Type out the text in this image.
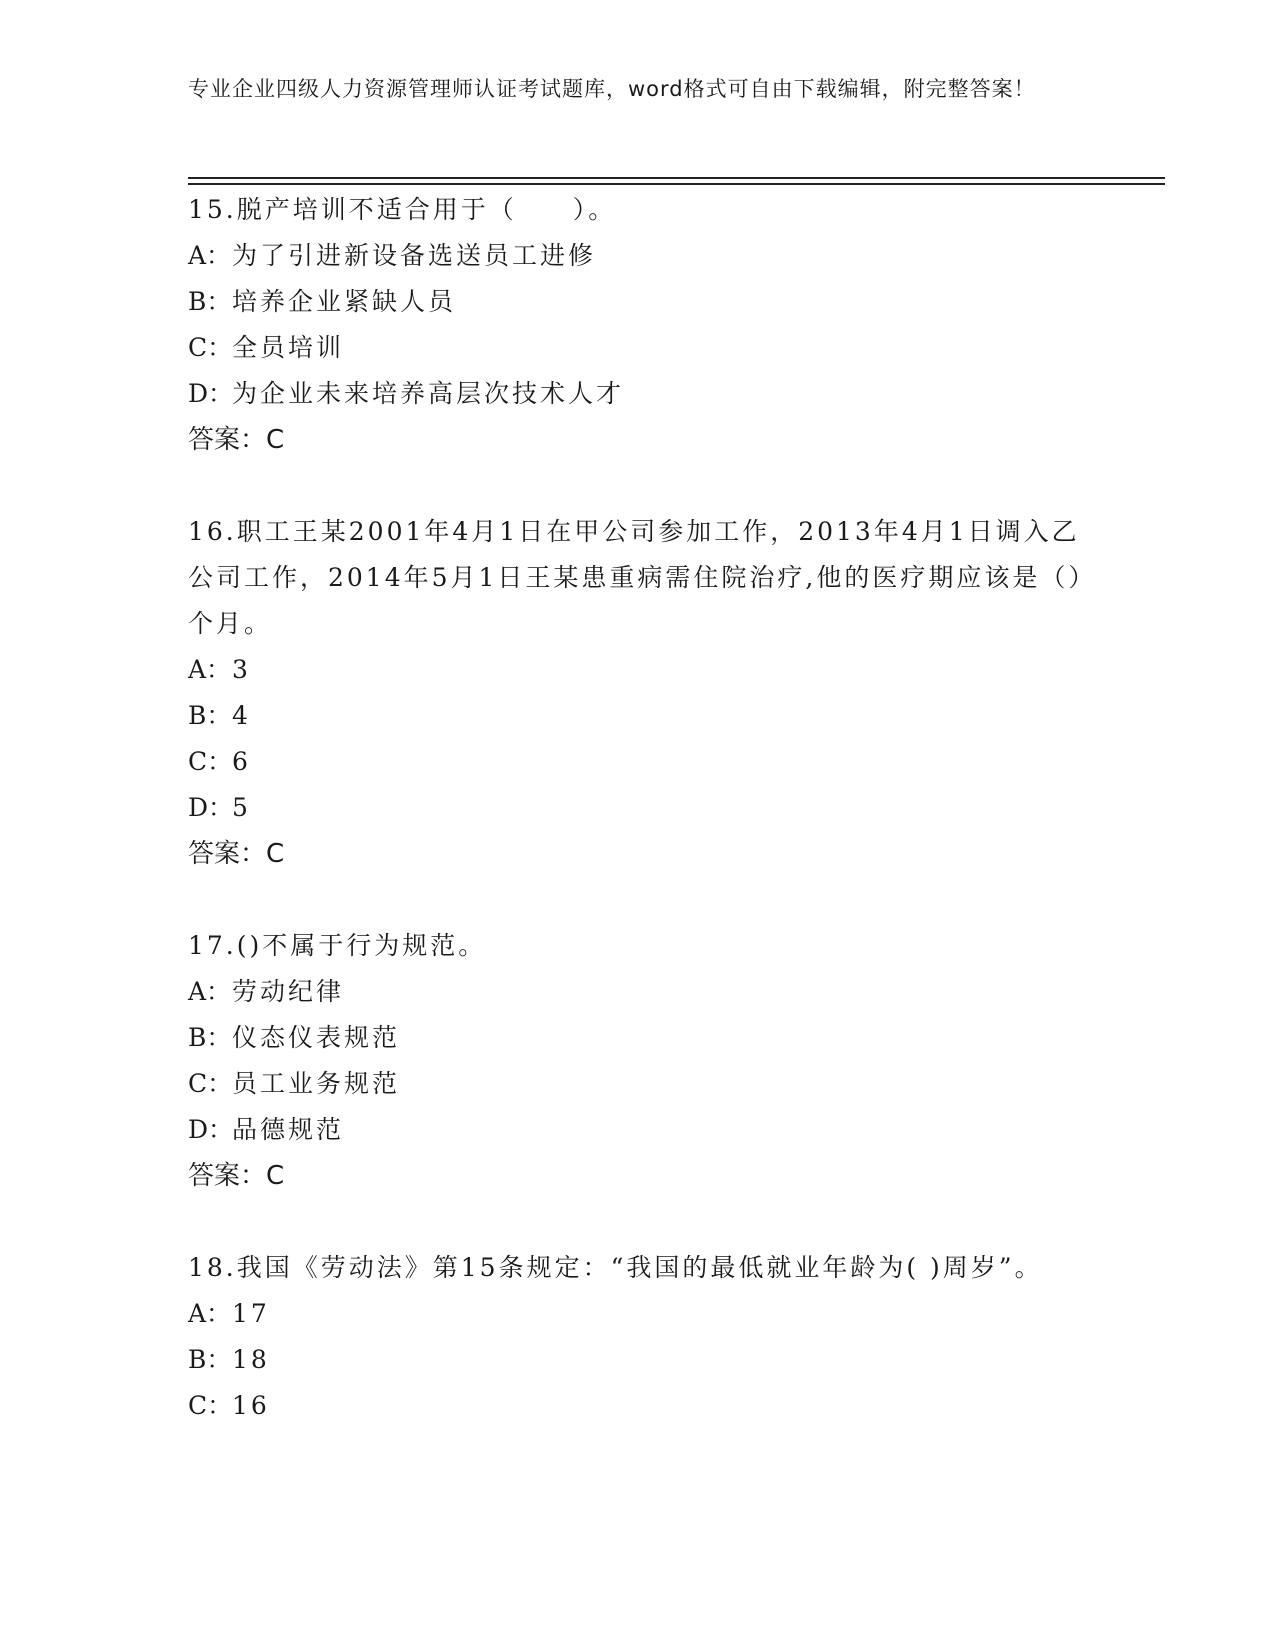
专业企业四级人力资源管理师认证考试题库，word格式可自由下载编辑，附完整答案！
15.脱产培训不适合用于（　　）。
A：为了引进新设备选送员工进修
B：培养企业紧缺人员
C：全员培训
D：为企业未来培养高层次技术人才
答案：C
16.职工王某2001年4月1日在甲公司参加工作，2013年4月1日调入乙公司工作，2014年5月1日王某患重病需住院治疗,他的医疗期应该是（）个月。
A：3
B：4
C：6
D：5
答案：C
17.()不属于行为规范。
A：劳动纪律
B：仪态仪表规范
C：员工业务规范
D：品德规范
答案：C
18.我国《劳动法》第15条规定：“我国的最低就业年龄为( )周岁”。
A：17
B：18
C：16
